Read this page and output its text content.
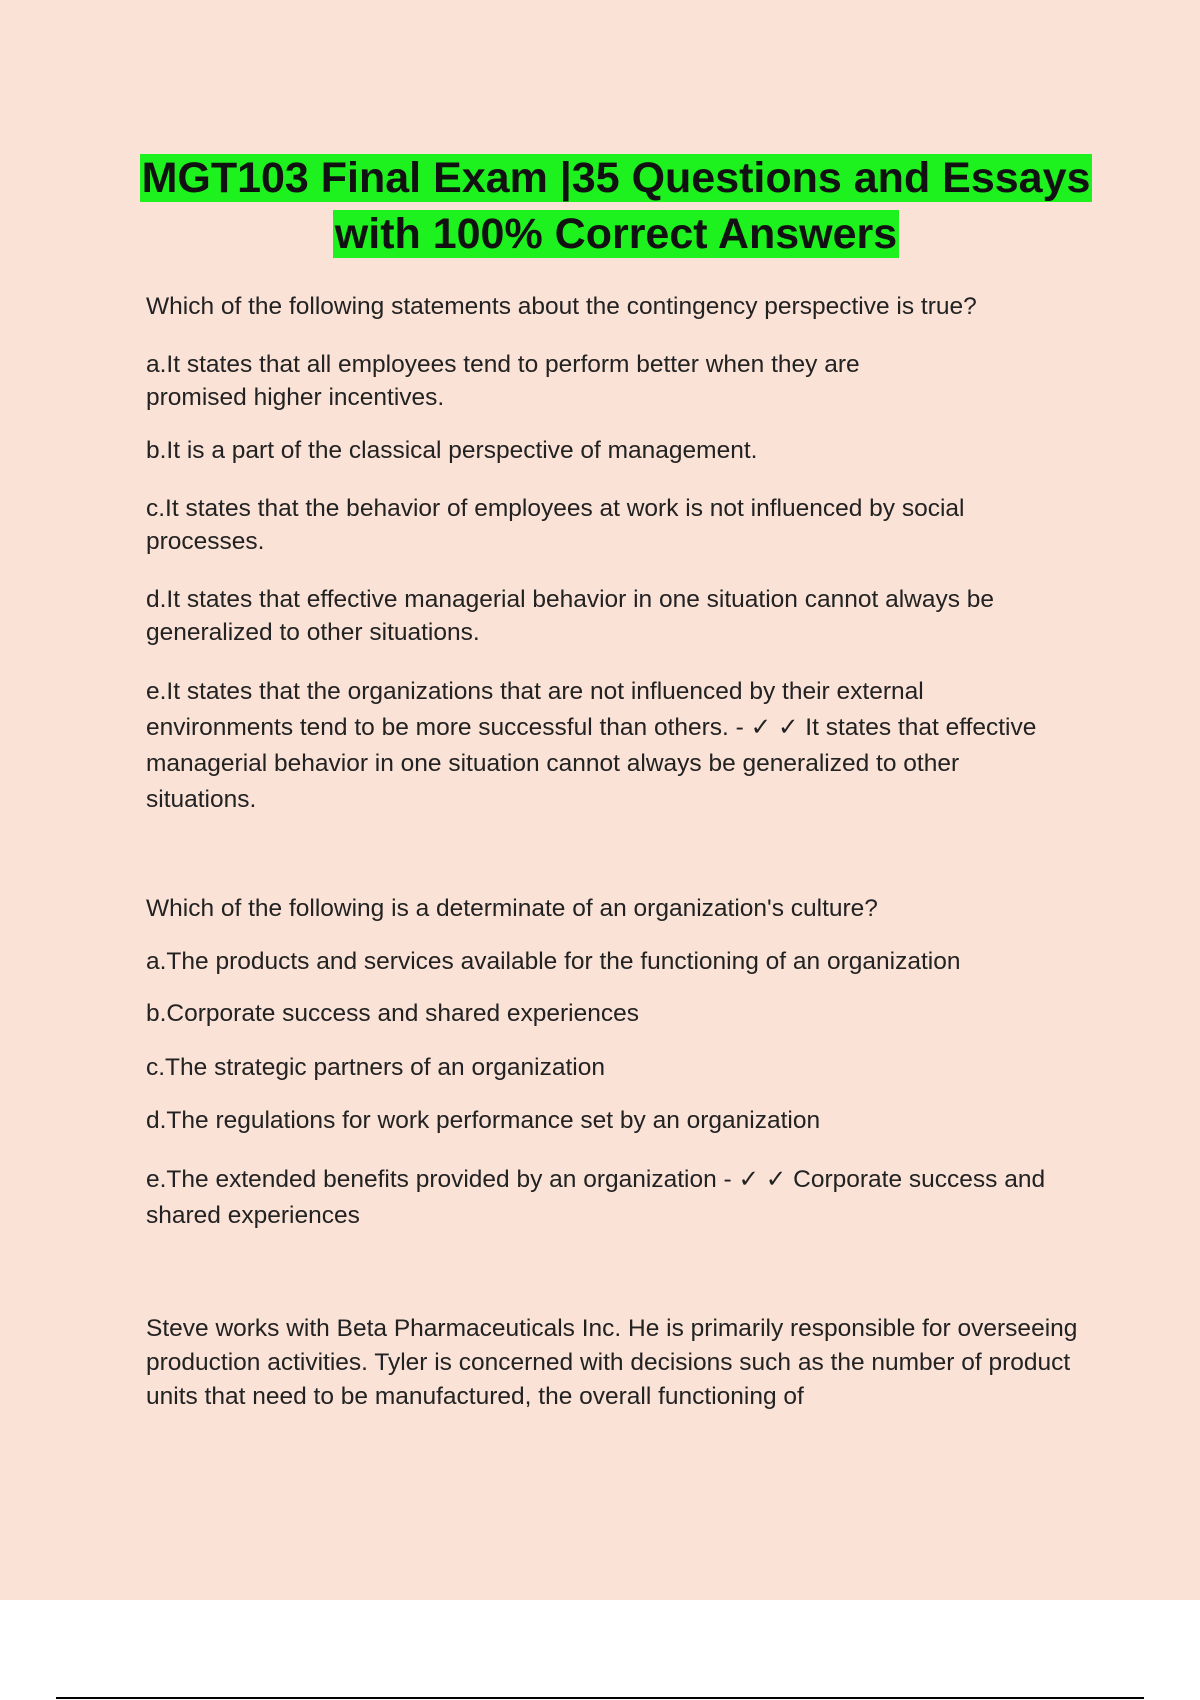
MGT103 Final Exam |35 Questions and Essays
with 100% Correct Answers

Which of the following statements about the contingency perspective is true?

a.It states that all employees tend to perform better when they are promised higher incentives.

b.It is a part of the classical perspective of management.

c.It states that the behavior of employees at work is not influenced by social processes.

d.It states that effective managerial behavior in one situation cannot always be generalized to other situations.

e.It states that the organizations that are not influenced by their external environments tend to be more successful than others. - ✓ ✓ It states that effective managerial behavior in one situation cannot always be generalized to other situations.

Which of the following is a determinate of an organization's culture?

a.The products and services available for the functioning of an organization

b.Corporate success and shared experiences

c.The strategic partners of an organization

d.The regulations for work performance set by an organization

e.The extended benefits provided by an organization - ✓ ✓ Corporate success and shared experiences

Steve works with Beta Pharmaceuticals Inc. He is primarily responsible for overseeing production activities. Tyler is concerned with decisions such as the number of product units that need to be manufactured, the overall functioning of
